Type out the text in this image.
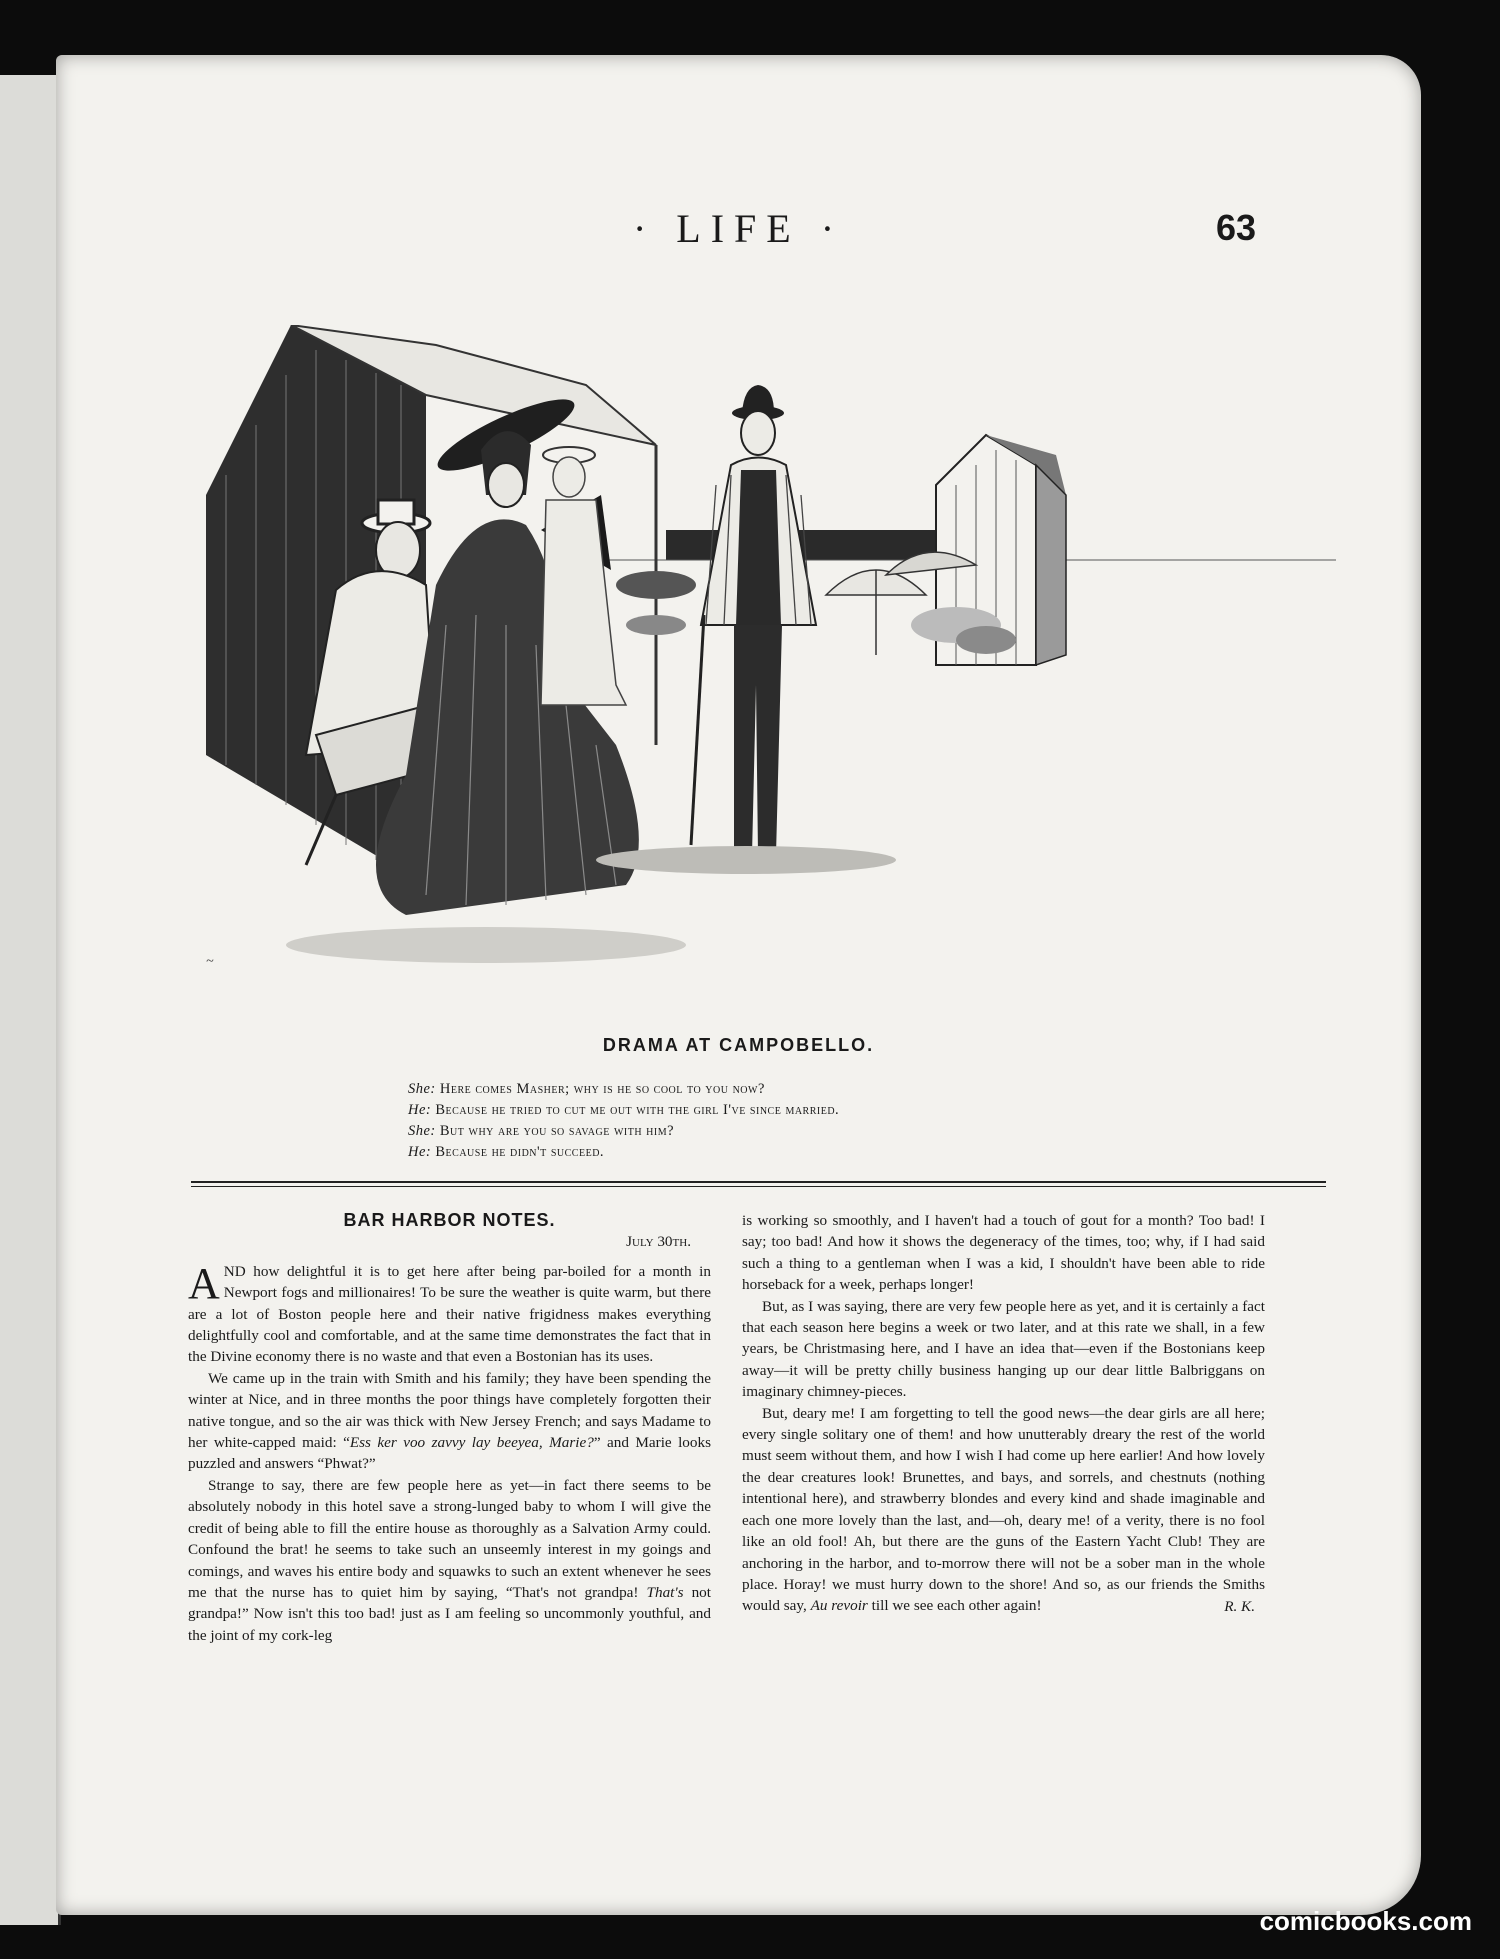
· LIFE ·	63
~
DRAMA AT CAMPOBELLO.
She: Here comes Masher; why is he so cool to you now?
He: Because he tried to cut me out with the girl I've since married.
She: But why are you so savage with him?
He: Because he didn't succeed.
BAR HARBOR NOTES.
July 30th.

AND how delightful it is to get here after being par-boiled for a month in Newport fogs and millionaires! To be sure the weather is quite warm, but there are a lot of Boston people here and their native frigidness makes everything delightfully cool and comfortable, and at the same time demonstrates the fact that in the Divine economy there is no waste and that even a Bostonian has its uses.

We came up in the train with Smith and his family; they have been spending the winter at Nice, and in three months the poor things have completely forgotten their native tongue, and so the air was thick with New Jersey French; and says Madame to her white-capped maid: “Ess ker voo zavvy lay beeyea, Marie?” and Marie looks puzzled and answers “Phwat?”

Strange to say, there are few people here as yet—in fact there seems to be absolutely nobody in this hotel save a strong-lunged baby to whom I will give the credit of being able to fill the entire house as thoroughly as a Salvation Army could. Confound the brat! he seems to take such an unseemly interest in my goings and comings, and waves his entire body and squawks to such an extent whenever he sees me that the nurse has to quiet him by saying, “That's not grandpa! That's not grandpa!” Now isn't this too bad! just as I am feeling so uncommonly youthful, and the joint of my cork-leg

is working so smoothly, and I haven't had a touch of gout for a month? Too bad! I say; too bad! And how it shows the degeneracy of the times, too; why, if I had said such a thing to a gentleman when I was a kid, I shouldn't have been able to ride horseback for a week, perhaps longer!

But, as I was saying, there are very few people here as yet, and it is certainly a fact that each season here begins a week or two later, and at this rate we shall, in a few years, be Christmasing here, and I have an idea that—even if the Bostonians keep away—it will be pretty chilly business hanging up our dear little Balbriggans on imaginary chimney-pieces.

But, deary me! I am forgetting to tell the good news—the dear girls are all here; every single solitary one of them! and how unutterably dreary the rest of the world must seem without them, and how I wish I had come up here earlier! And how lovely the dear creatures look! Brunettes, and bays, and sorrels, and chestnuts (nothing intentional here), and strawberry blondes and every kind and shade imaginable and each one more lovely than the last, and—oh, deary me! of a verity, there is no fool like an old fool! Ah, but there are the guns of the Eastern Yacht Club! They are anchoring in the harbor, and to-morrow there will not be a sober man in the whole place. Horay! we must hurry down to the shore! And so, as our friends the Smiths would say, Au revoir till we see each other again!	R. K.
comicbooks.com
